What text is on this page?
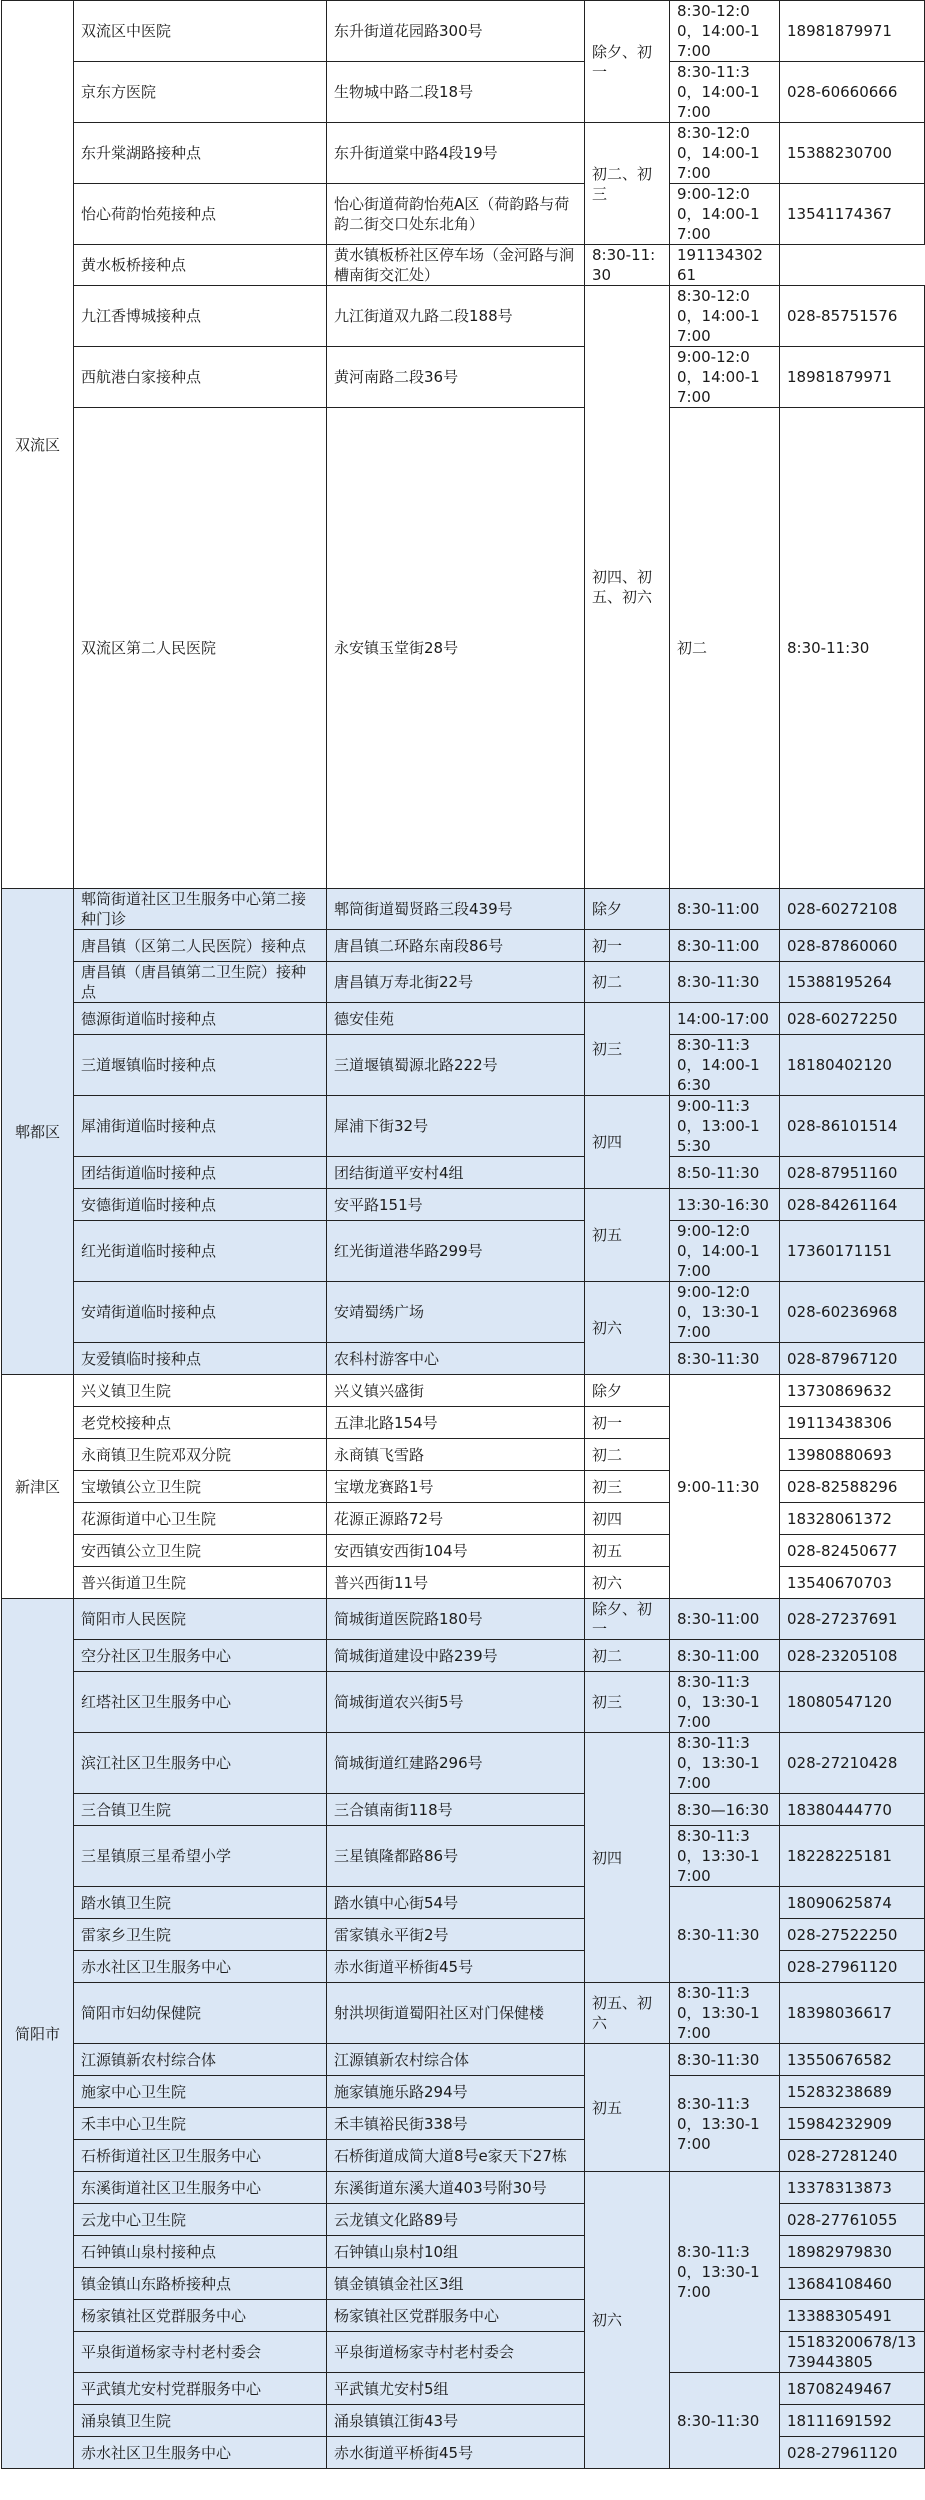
双流区	双流区中医院	东升街道花园路300号	除夕、初一	8:30-12:00，14:00-17:00	18981879971	
	京东方医院	生物城中路二段18号		8:30-11:30，14:00-17:00	028-60660666	
	东升棠湖路接种点	东升街道棠中路4段19号	初二、初三	8:30-12:00，14:00-17:00	15388230700	
	怡心荷韵怡苑接种点	怡心街道荷韵怡苑A区（荷韵路与荷韵二街交口处东北角）		9:00-12:00，14:00-17:00	13541174367	
	黄水板桥接种点	黄水镇板桥社区停车场（金河路与涧槽南街交汇处）	8:30-11:30	19113430261		
	九江香博城接种点	九江街道双九路二段188号	初四、初五、初六	8:30-12:00，14:00-17:00	028-85751576	
	西航港白家接种点	黄河南路二段36号		9:00-12:00，14:00-17:00	18981879971	
	双流区第二人民医院	永安镇玉堂街28号		初二	8:30-11:30	
郫都区	郫筒街道社区卫生服务中心第二接种门诊	郫筒街道蜀贤路三段439号	除夕	8:30-11:00	028-60272108	
	唐昌镇（区第二人民医院）接种点	唐昌镇二环路东南段86号	初一	8:30-11:00	028-87860060	
	唐昌镇（唐昌镇第二卫生院）接种点	唐昌镇万寿北街22号	初二	8:30-11:30	15388195264	
	德源街道临时接种点	德安佳苑	初三	14:00-17:00	028-60272250	
	三道堰镇临时接种点	三道堰镇蜀源北路222号		8:30-11:30，14:00-16:30	18180402120	
	犀浦街道临时接种点	犀浦下街32号	初四	9:00-11:30，13:00-15:30	028-86101514	
	团结街道临时接种点	团结街道平安村4组		8:50-11:30	028-87951160	
	安德街道临时接种点	安平路151号	初五	13:30-16:30	028-84261164	
	红光街道临时接种点	红光街道港华路299号		9:00-12:00，14:00-17:00	17360171151	
	安靖街道临时接种点	安靖蜀绣广场	初六	9:00-12:00，13:30-17:00	028-60236968	
	友爱镇临时接种点	农科村游客中心		8:30-11:30	028-87967120	
新津区	兴义镇卫生院	兴义镇兴盛街	除夕	9:00-11:30	13730869632	
	老党校接种点	五津北路154号	初一		19113438306	
	永商镇卫生院邓双分院	永商镇飞雪路	初二		13980880693	
	宝墩镇公立卫生院	宝墩龙赛路1号	初三		028-82588296	
	花源街道中心卫生院	花源正源路72号	初四		18328061372	
	安西镇公立卫生院	安西镇安西街104号	初五		028-82450677	
	普兴街道卫生院	普兴西街11号	初六		13540670703	
简阳市	简阳市人民医院	简城街道医院路180号	除夕、初一	8:30-11:00	028-27237691	
	空分社区卫生服务中心	简城街道建设中路239号	初二	8:30-11:00	028-23205108	
	红塔社区卫生服务中心	简城街道农兴街5号	初三	8:30-11:30，13:30-17:00	18080547120	
	滨江社区卫生服务中心	简城街道红建路296号	初四	8:30-11:30，13:30-17:00	028-27210428	
	三合镇卫生院	三合镇南街118号		8:30—16:30	18380444770	
	三星镇原三星希望小学	三星镇隆都路86号		8:30-11:30，13:30-17:00	18228225181	
	踏水镇卫生院	踏水镇中心街54号		8:30-11:30	18090625874	
	雷家乡卫生院	雷家镇永平街2号			028-27522250	
	赤水社区卫生服务中心	赤水街道平桥街45号			028-27961120	
	简阳市妇幼保健院	射洪坝街道蜀阳社区对门保健楼	初五、初六	8:30-11:30，13:30-17:00	18398036617	
	江源镇新农村综合体	江源镇新农村综合体	初五	8:30-11:30	13550676582	
	施家中心卫生院	施家镇施乐路294号		8:30-11:30，13:30-17:00	15283238689	
	禾丰中心卫生院	禾丰镇裕民街338号			15984232909	
	石桥街道社区卫生服务中心	石桥街道成简大道8号e家天下27栋			028-27281240	
	东溪街道社区卫生服务中心	东溪街道东溪大道403号附30号	初六	8:30-11:30，13:30-17:00	13378313873	
	云龙中心卫生院	云龙镇文化路89号			028-27761055	
	石钟镇山泉村接种点	石钟镇山泉村10组			18982979830	
	镇金镇山东路桥接种点	镇金镇镇金社区3组			13684108460	
	杨家镇社区党群服务中心	杨家镇社区党群服务中心			13388305491	
	平泉街道杨家寺村老村委会	平泉街道杨家寺村老村委会			15183200678/13739443805	
	平武镇尤安村党群服务中心	平武镇尤安村5组		8:30-11:30	18708249467	
	涌泉镇卫生院	涌泉镇镇江街43号			18111691592	
	赤水社区卫生服务中心	赤水街道平桥街45号			028-27961120	
